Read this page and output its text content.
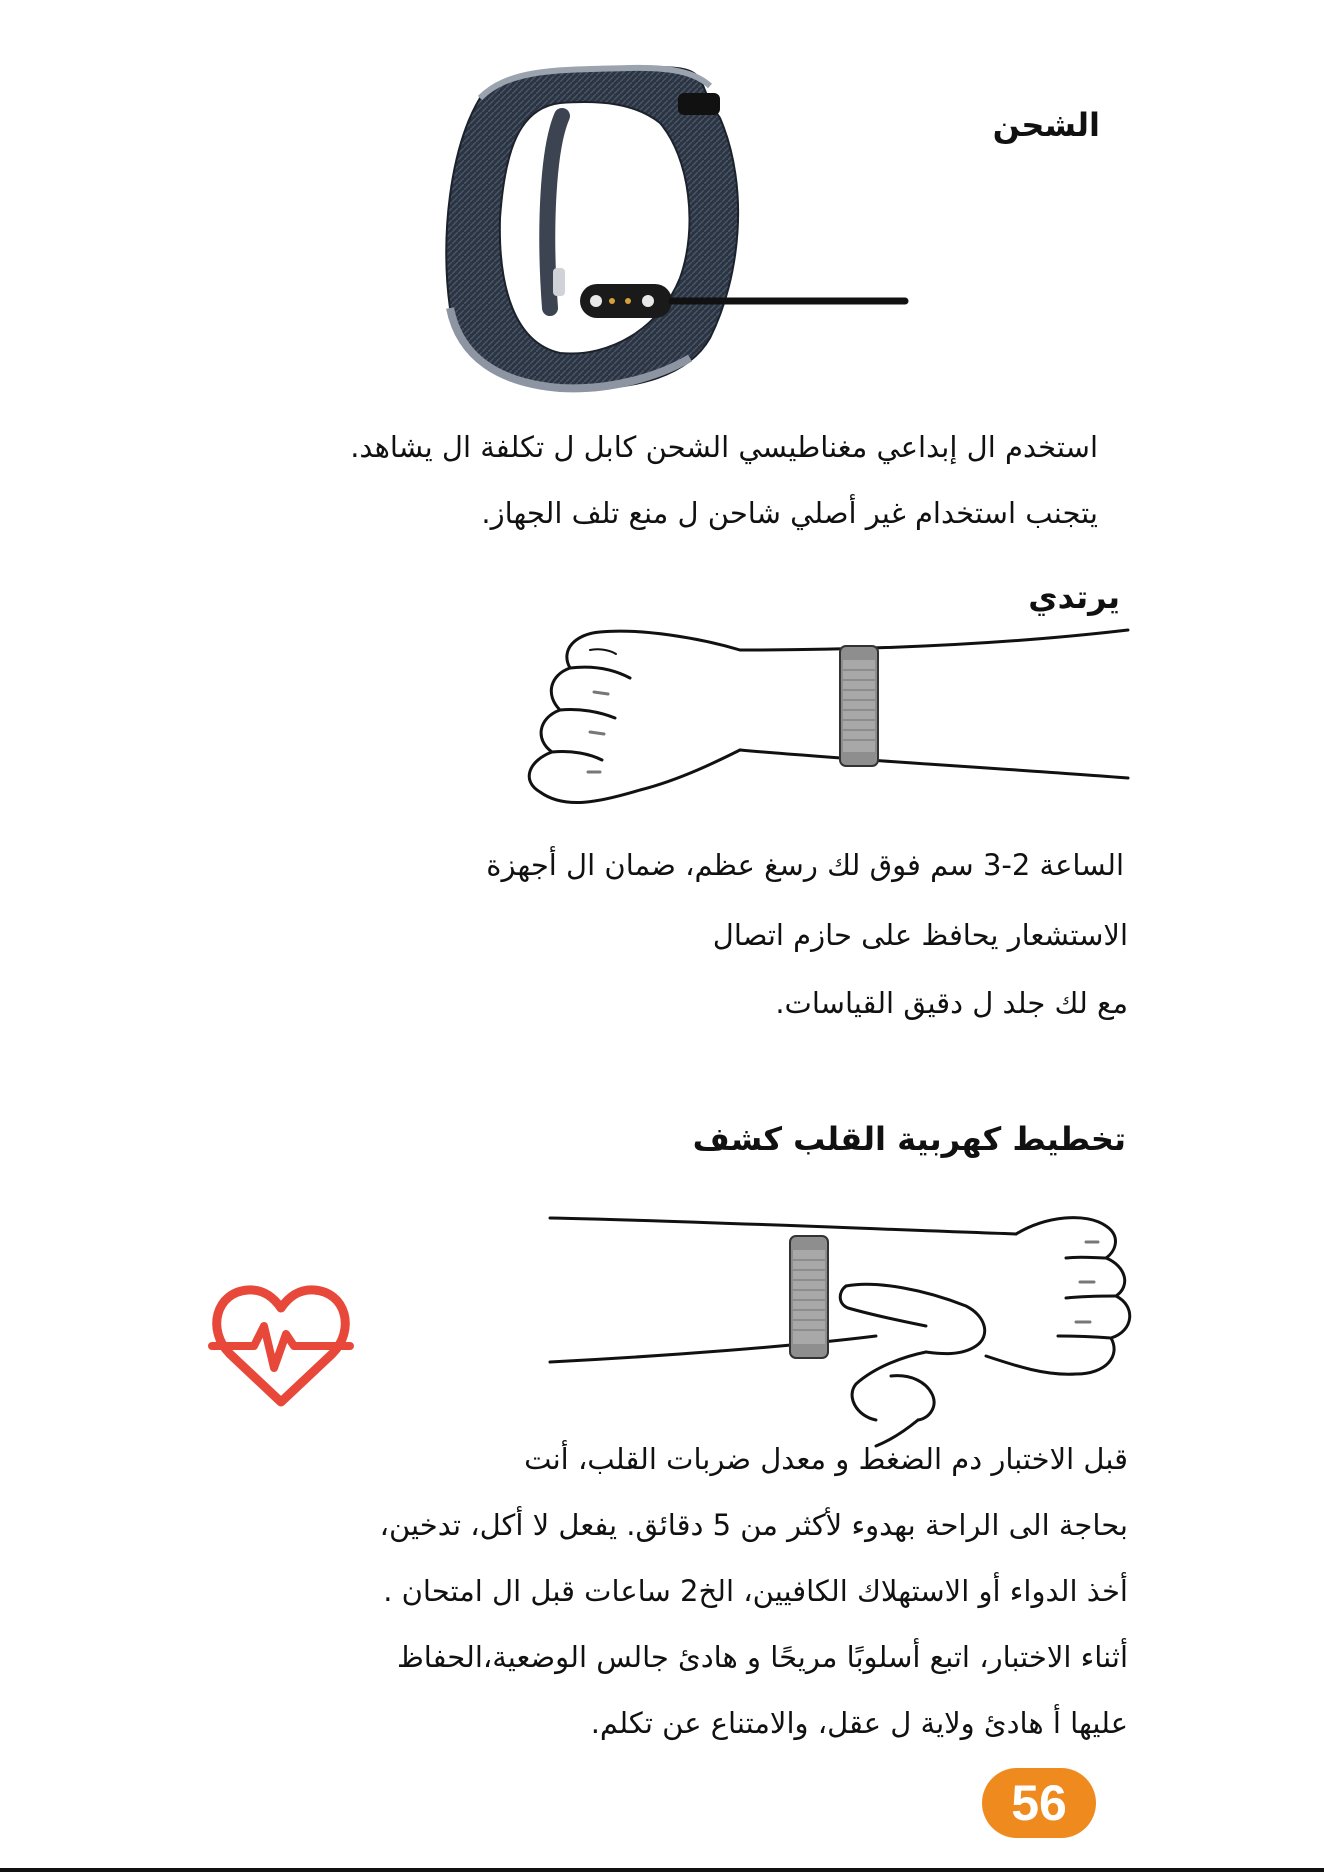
الشحن
استخدم ال إبداعي مغناطيسي الشحن كابل ل تكلفة ال يشاهد.
يتجنب استخدام غير أصلي شاحن ل منع تلف الجهاز.
يرتدي
الساعة 2-3 سم فوق لك رسغ عظم، ضمان ال أجهزة
الاستشعار يحافظ على حازم اتصال
مع لك جلد ل دقيق القياسات.
تخطيط كهربية القلب كشف
قبل الاختبار دم الضغط و معدل ضربات القلب، أنت
بحاجة الى الراحة بهدوء لأكثر من 5 دقائق. يفعل لا أكل، تدخين،
أخذ الدواء أو الاستهلاك الكافيين، الخ2 ساعات قبل ال امتحان .
أثناء الاختبار، اتبع أسلوبًا مريحًا و هادئ جالس الوضعية،الحفاظ
عليها أ هادئ ولاية ل عقل، والامتناع عن تكلم.
56
